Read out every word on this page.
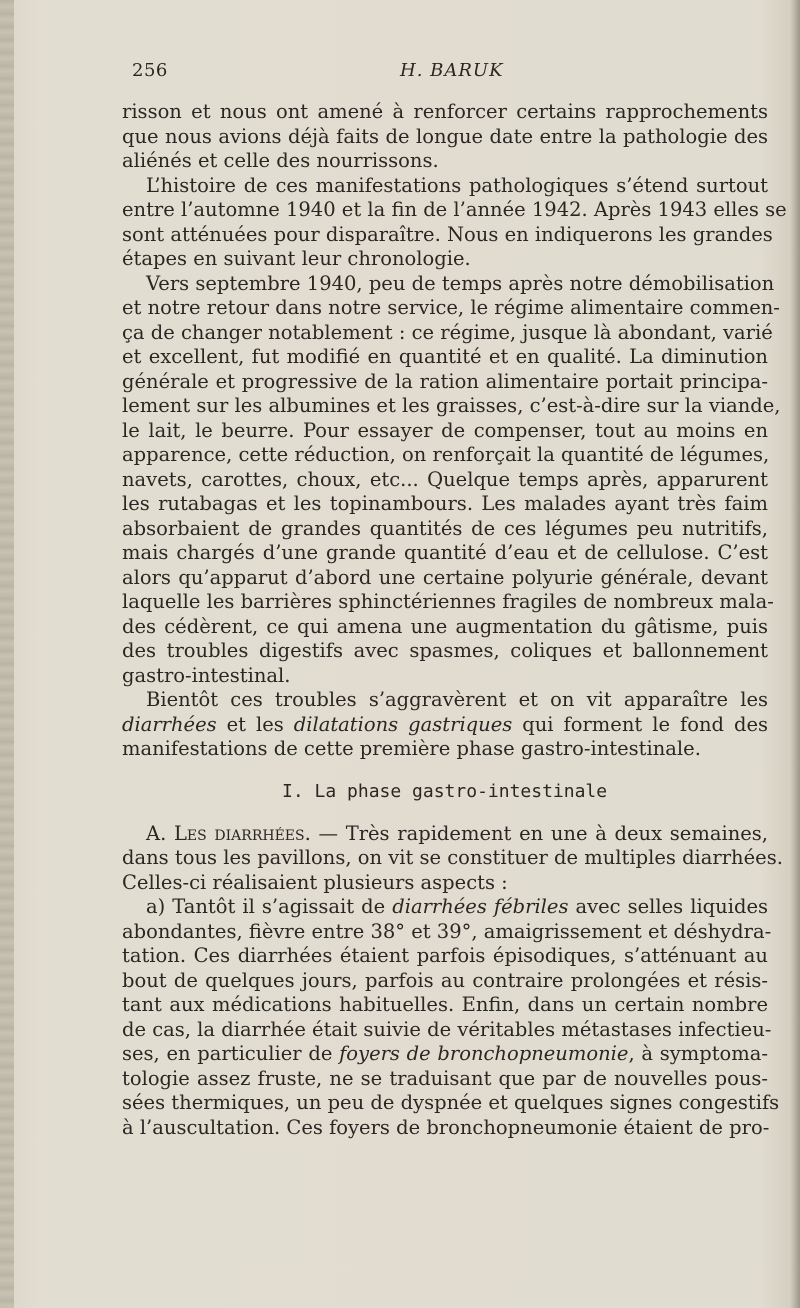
256	H. BARUK
risson et nous ont amené à renforcer certains rapprochements
que nous avions déjà faits de longue date entre la pathologie des
aliénés et celle des nourrissons.
L’histoire de ces manifestations pathologiques s’étend surtout
entre l’automne 1940 et la fin de l’année 1942. Après 1943 elles se
sont atténuées pour disparaître. Nous en indiquerons les grandes
étapes en suivant leur chronologie.
Vers septembre 1940, peu de temps après notre démobilisation
et notre retour dans notre service, le régime alimentaire commen-
ça de changer notablement : ce régime, jusque là abondant, varié
et excellent, fut modifié en quantité et en qualité. La diminution
générale et progressive de la ration alimentaire portait principa-
lement sur les albumines et les graisses, c’est-à-dire sur la viande,
le lait, le beurre. Pour essayer de compenser, tout au moins en
apparence, cette réduction, on renforçait la quantité de légumes,
navets, carottes, choux, etc... Quelque temps après, apparurent
les rutabagas et les topinambours. Les malades ayant très faim
absorbaient de grandes quantités de ces légumes peu nutritifs,
mais chargés d’une grande quantité d’eau et de cellulose. C’est
alors qu’apparut d’abord une certaine polyurie générale, devant
laquelle les barrières sphinctériennes fragiles de nombreux mala-
des cédèrent, ce qui amena une augmentation du gâtisme, puis
des troubles digestifs avec spasmes, coliques et ballonnement
gastro-intestinal.
Bientôt ces troubles s’aggravèrent et on vit apparaître les
diarrhées et les dilatations gastriques qui forment le fond des
manifestations de cette première phase gastro-intestinale.
I. La phase gastro-intestinale
A. Les diarrhées. — Très rapidement en une à deux semaines,
dans tous les pavillons, on vit se constituer de multiples diarrhées.
Celles-ci réalisaient plusieurs aspects :
a) Tantôt il s’agissait de diarrhées fébriles avec selles liquides
abondantes, fièvre entre 38° et 39°, amaigrissement et déshydra-
tation. Ces diarrhées étaient parfois épisodiques, s’atténuant au
bout de quelques jours, parfois au contraire prolongées et résis-
tant aux médications habituelles. Enfin, dans un certain nombre
de cas, la diarrhée était suivie de véritables métastases infectieu-
ses, en particulier de foyers de bronchopneumonie, à symptoma-
tologie assez fruste, ne se traduisant que par de nouvelles pous-
sées thermiques, un peu de dyspnée et quelques signes congestifs
à l’auscultation. Ces foyers de bronchopneumonie étaient de pro-
